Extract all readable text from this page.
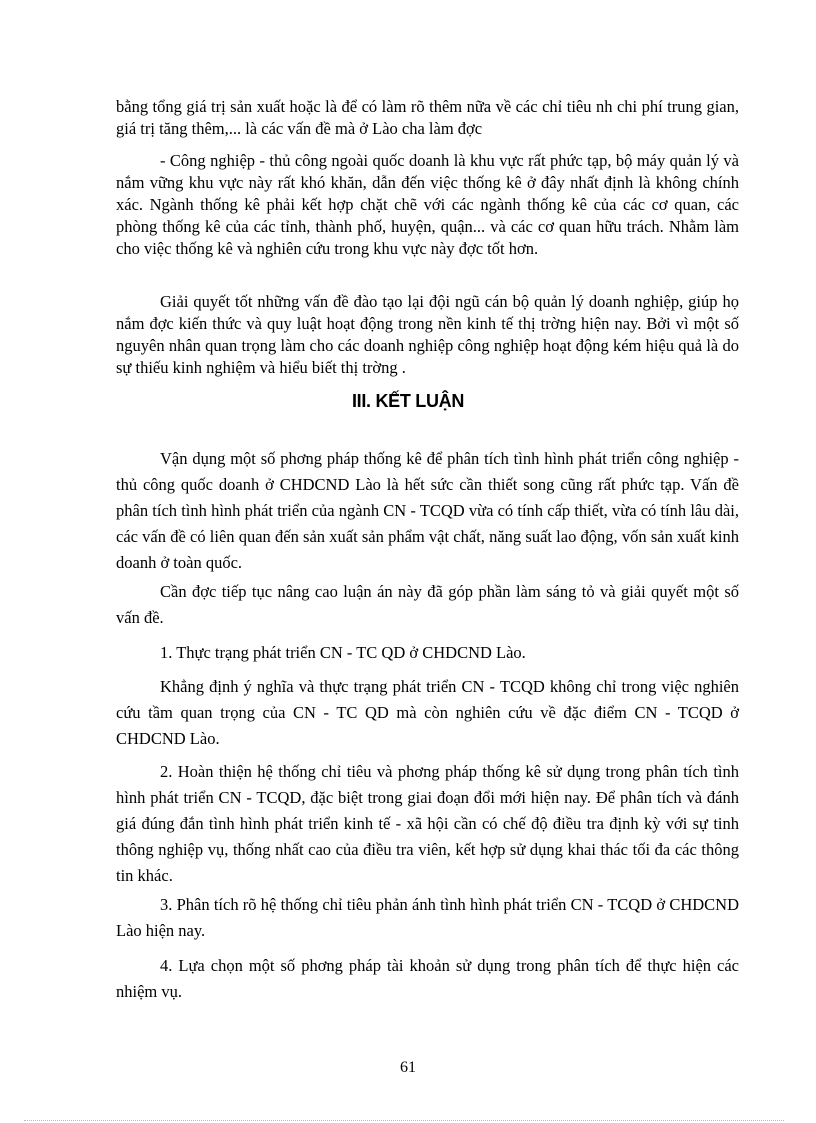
bằng tổng giá trị sản xuất hoặc là để có làm rõ thêm nữa về các chỉ tiêu nh chi phí trung gian, giá trị tăng thêm,... là các vấn đề mà ở Lào cha làm đợc

- Công nghiệp - thủ công ngoài quốc doanh là khu vực rất phức tạp, bộ máy quản lý và nắm vững khu vực này rất khó khăn, dẫn đến việc thống kê ở đây nhất định là không chính xác. Ngành thống kê phải kết hợp chặt chẽ với các ngành thống kê của các cơ quan, các phòng thống kê của các tỉnh, thành phố, huyện, quận... và các cơ quan hữu trách. Nhằm làm cho việc thống kê và nghiên cứu trong khu vực này đợc tốt hơn.

Giải quyết tốt những vấn đề đào tạo lại đội ngũ cán bộ quản lý doanh nghiệp, giúp họ nắm đợc kiến thức và quy luật hoạt động trong nền kinh tế thị trờng hiện nay. Bởi vì một số nguyên nhân quan trọng làm cho các doanh nghiệp công nghiệp hoạt động kém hiệu quả là do sự thiếu kinh nghiệm và hiểu biết thị trờng .

III. KẾT LUẬN

Vận dụng một số phơng pháp thống kê để phân tích tình hình phát triển công nghiệp - thủ công quốc doanh ở CHDCND Lào là hết sức cần thiết song cũng rất phức tạp. Vấn đề phân tích tình hình phát triển của ngành CN - TCQD vừa có tính cấp thiết, vừa có tính lâu dài, các vấn đề có liên quan đến sản xuất sản phẩm vật chất, năng suất lao động, vốn sản xuất kinh doanh ở toàn quốc.

Cần đợc tiếp tục nâng cao luận án này đã góp phần làm sáng tỏ và giải quyết một số vấn đề.

1. Thực trạng phát triển CN - TC QD ở CHDCND Lào.

Khẳng định ý nghĩa và thực trạng phát triển CN - TCQD không chỉ trong việc nghiên cứu tầm quan trọng của CN - TC QD mà còn nghiên cứu về đặc điểm CN - TCQD ở CHDCND Lào.

2. Hoàn thiện hệ thống chỉ tiêu và phơng pháp thống kê sử dụng trong phân tích tình hình phát triển CN - TCQD, đặc biệt trong giai đoạn đổi mới hiện nay. Để phân tích và đánh giá đúng đắn tình hình phát triển kinh tế - xã hội cần có chế độ điều tra định kỳ với sự tinh thông nghiệp vụ, thống nhất cao của điều tra viên, kết hợp sử dụng khai thác tối đa các thông tin khác.

3. Phân tích rõ hệ thống chỉ tiêu phản ánh tình hình phát triển CN - TCQD ở CHDCND Lào hiện nay.

4. Lựa chọn một số phơng pháp tài khoản sử dụng trong phân tích để thực hiện các nhiệm vụ.

61
